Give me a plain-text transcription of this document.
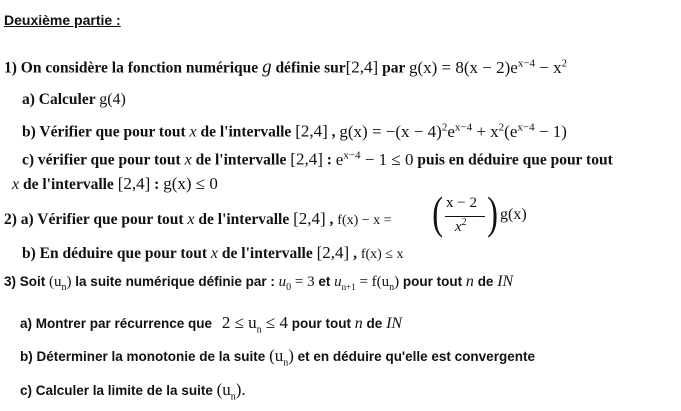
Deuxième partie :
1) On considère la fonction numérique g définie sur[2,4] par $g(x) = 8(x - 2)e^{x-4} - x^2$
a) Calculer g(4)
b) Vérifier que pour tout x de l'intervalle [2,4] , $g(x) = -(x - 4)^2e^{x-4} + x^2(e^{x-4} - 1)$
c) vérifier que pour tout x de l'intervalle [2,4] : $e^{x-4} - 1 \le 0$ puis en déduire que pour tout
x de l'intervalle [2,4] : g(x) ≤ 0
2) a) Vérifier que pour tout x de l'intervalle [2,4] , f(x) − x = ( x − 2
$x^2$ ) g(x)
b) En déduire que pour tout x de l'intervalle [2,4] , f(x) ≤ x
3) Soit $(u_n)$ la suite numérique définie par : $u_0 = 3$ et $u_{n+1} = f(u_n)$ pour tout n de IN
a) Montrer par récurrence que $2 \le u_n \le 4$ pour tout n de IN
b) Déterminer la monotonie de la suite $(u_n)$ et en déduire qu'elle est convergente
c) Calculer la limite de la suite $(u_n)$.
